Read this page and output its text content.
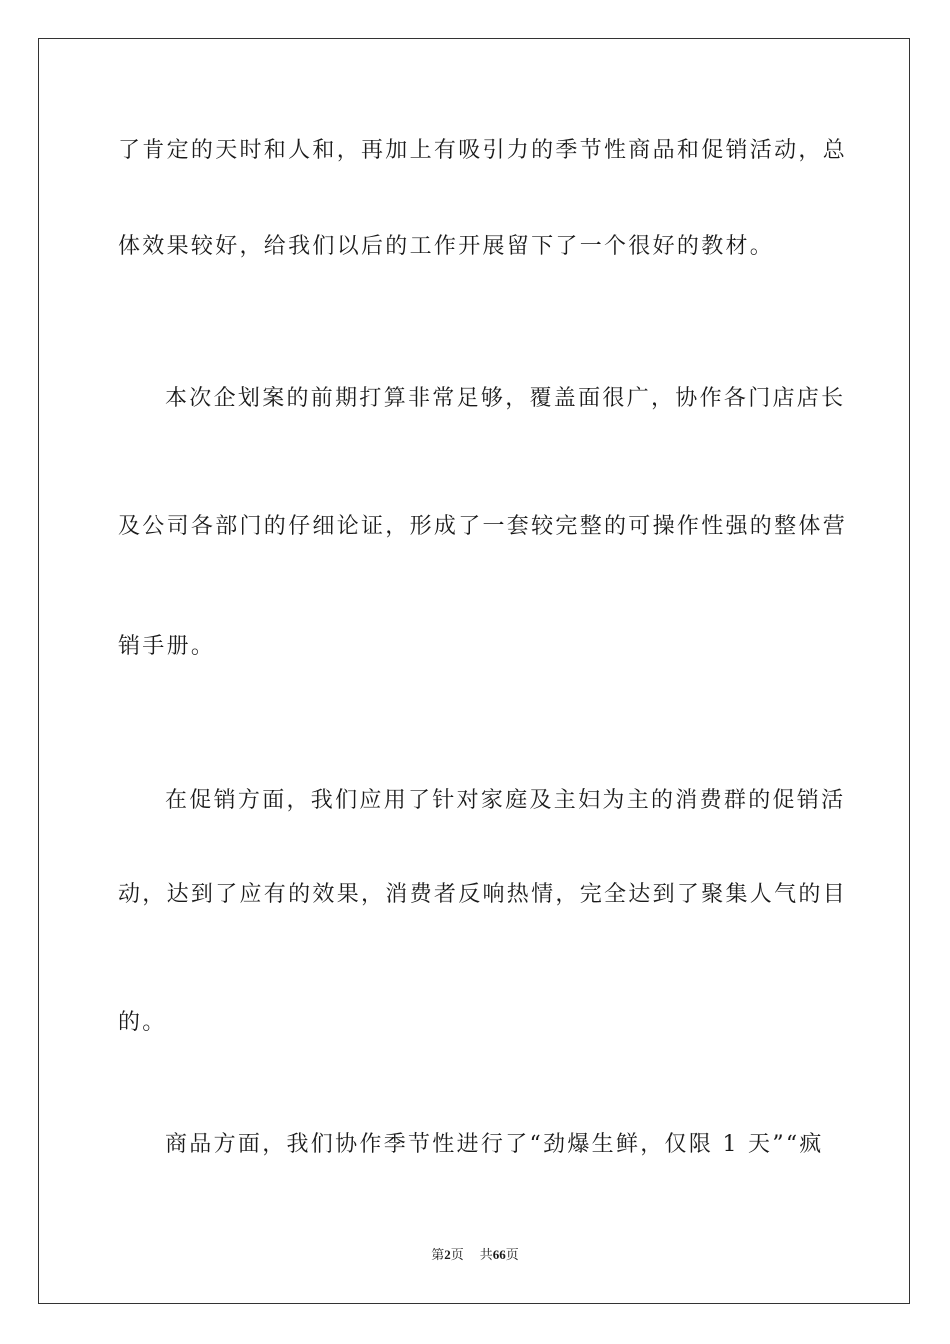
了肯定的天时和人和，再加上有吸引力的季节性商品和促销活动，总
体效果较好，给我们以后的工作开展留下了一个很好的教材。
本次企划案的前期打算非常足够，覆盖面很广，协作各门店店长
及公司各部门的仔细论证，形成了一套较完整的可操作性强的整体营
销手册。
在促销方面，我们应用了针对家庭及主妇为主的消费群的促销活
动，达到了应有的效果，消费者反响热情，完全达到了聚集人气的目
的。
商品方面，我们协作季节性进行了“劲爆生鲜，仅限 1 天”“疯
第2页 共66页
